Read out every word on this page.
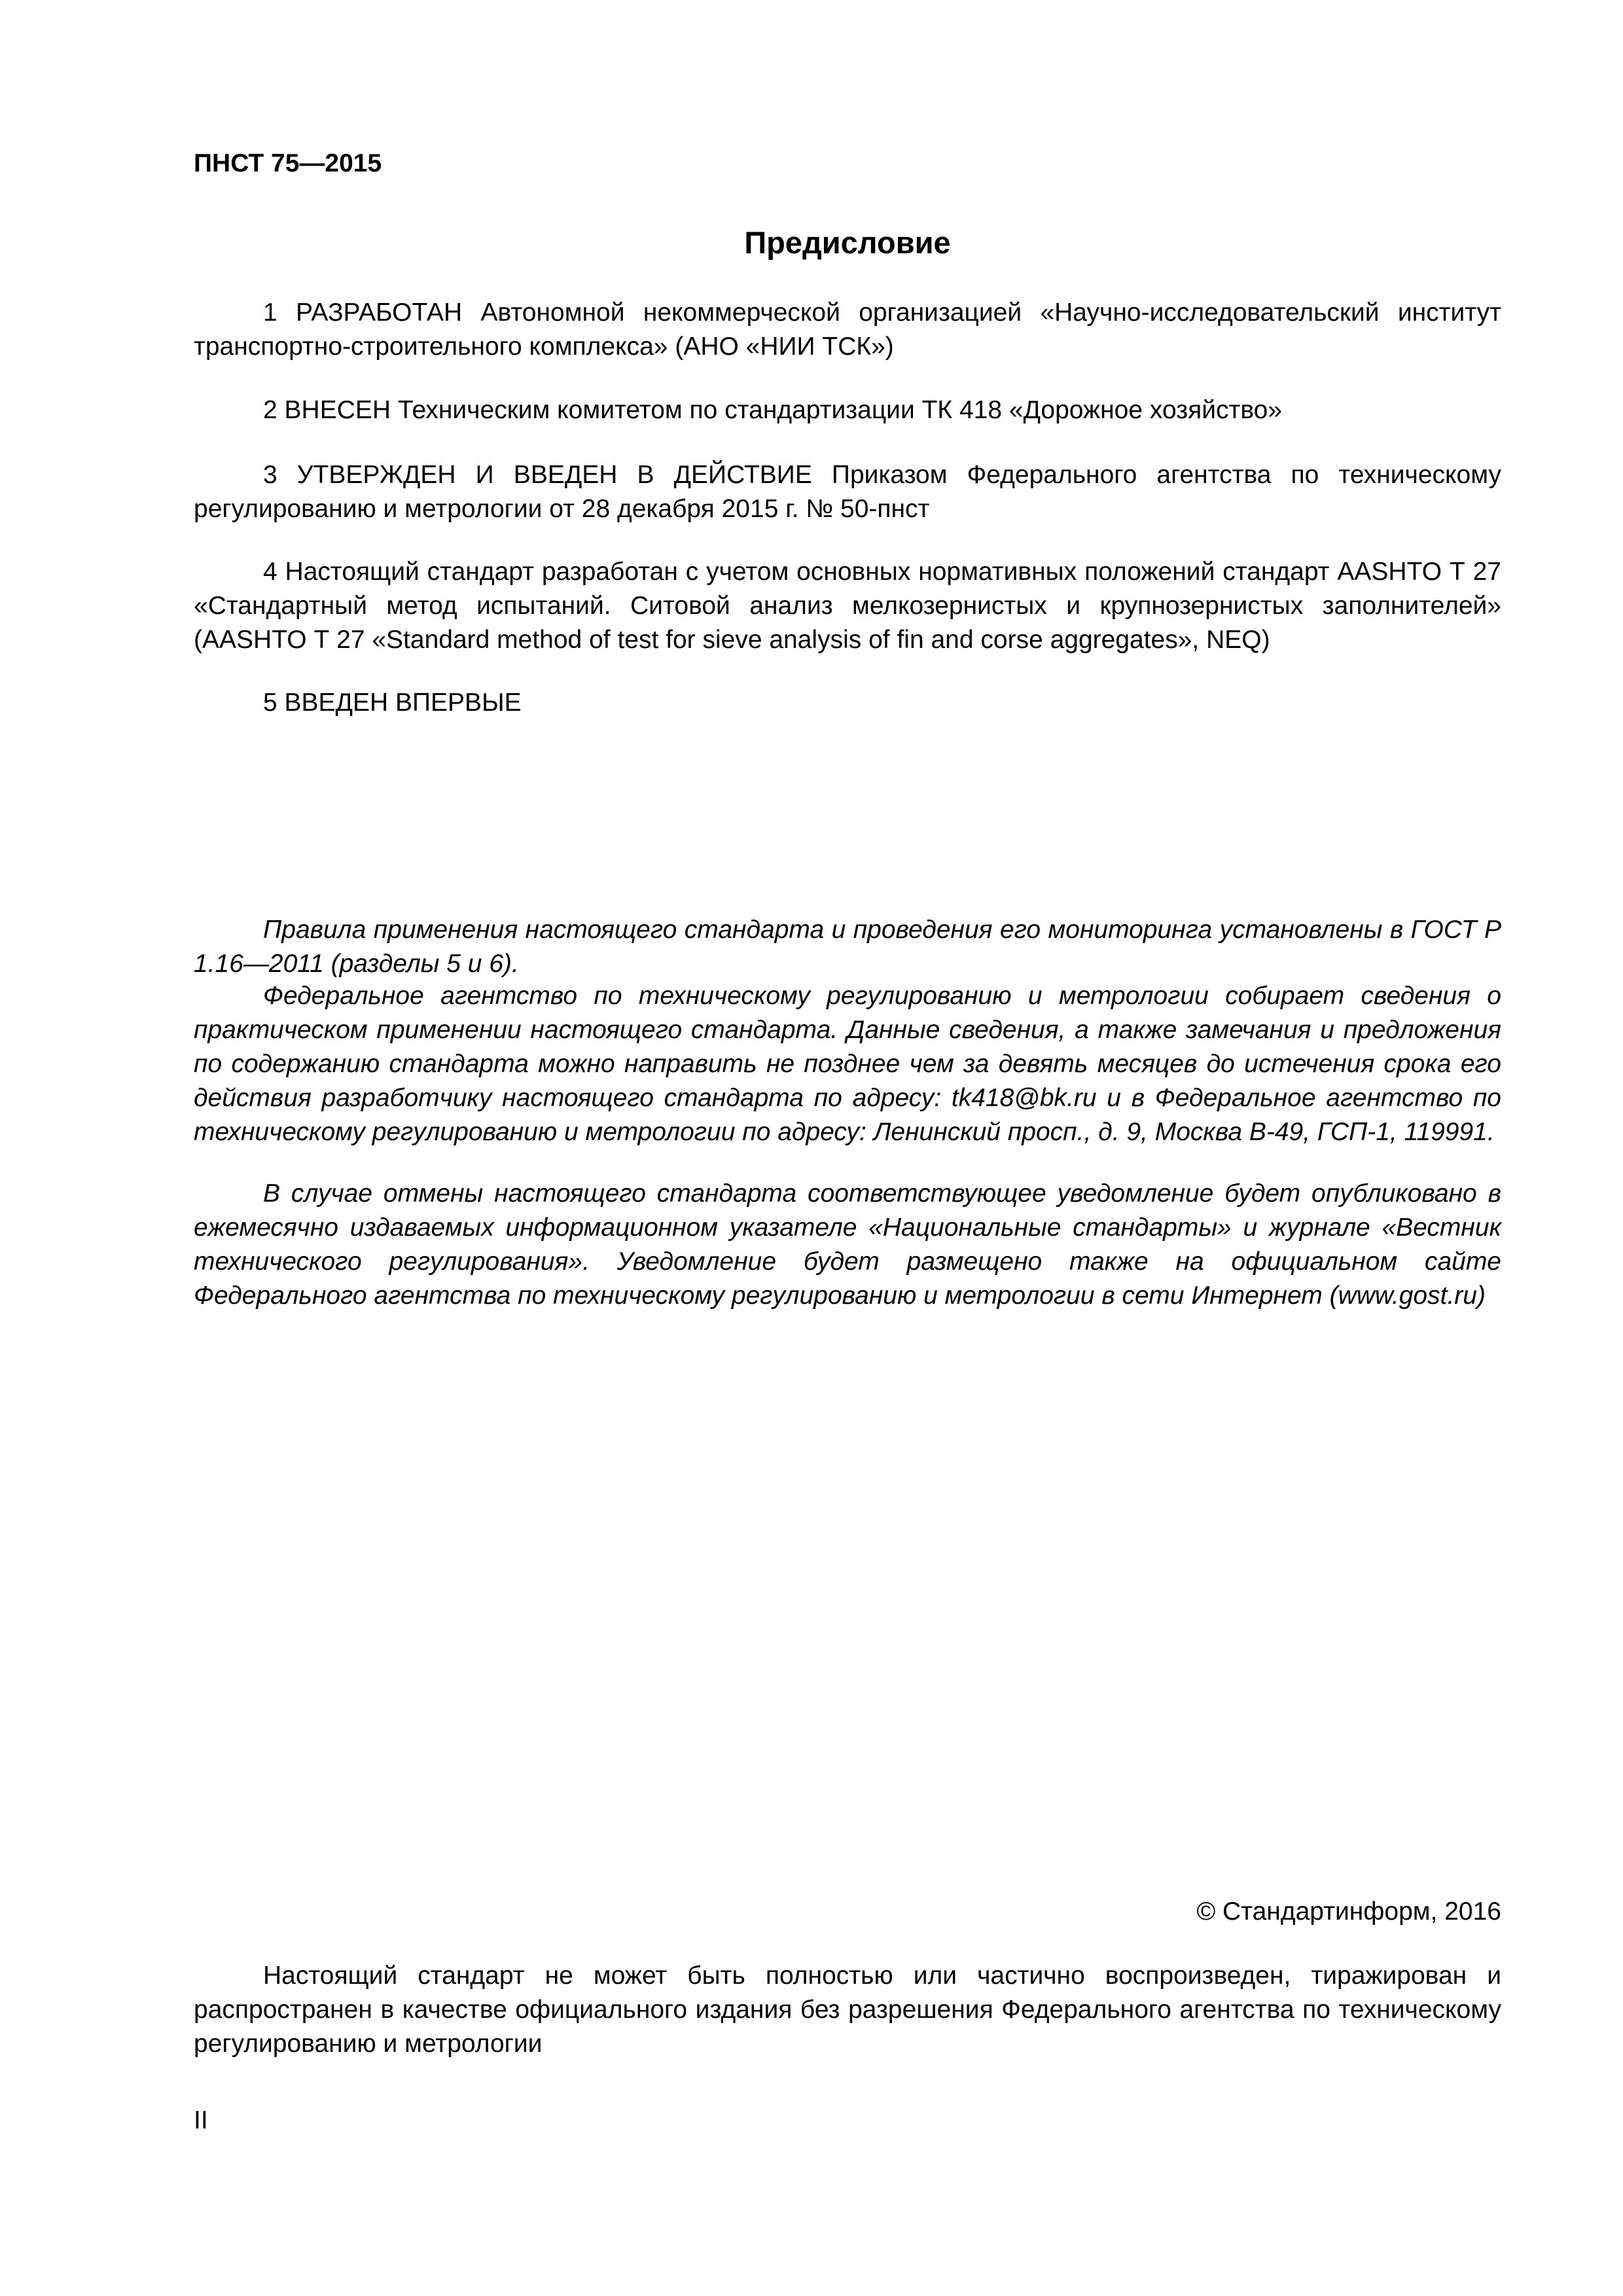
ПНСТ 75—2015

Предисловие

1 РАЗРАБОТАН Автономной некоммерческой организацией «Научно-исследовательский институт транспортно-строительного комплекса» (АНО «НИИ ТСК»)

2 ВНЕСЕН Техническим комитетом по стандартизации ТК 418 «Дорожное хозяйство»

3 УТВЕРЖДЕН И ВВЕДЕН В ДЕЙСТВИЕ Приказом Федерального агентства по техническому регулированию и метрологии от 28 декабря 2015 г. № 50-пнст

4 Настоящий стандарт разработан с учетом основных нормативных положений стандарт AASHTO Т 27 «Стандартный метод испытаний. Ситовой анализ мелкозернистых и крупнозернистых заполнителей» (AASHTO Т 27 «Standard method of test for sieve analysis of fin and corse aggregates», NEQ)

5 ВВЕДЕН ВПЕРВЫЕ

Правила применения настоящего стандарта и проведения его мониторинга установлены в ГОСТ Р 1.16—2011 (разделы 5 и 6).

Федеральное агентство по техническому регулированию и метрологии собирает сведения о практическом применении настоящего стандарта. Данные сведения, а также замечания и предложения по содержанию стандарта можно направить не позднее чем за девять месяцев до истечения срока его действия разработчику настоящего стандарта по адресу: tk418@bk.ru и в Федеральное агентство по техническому регулированию и метрологии по адресу: Ленинский просп., д. 9, Москва В-49, ГСП-1, 119991.

В случае отмены настоящего стандарта соответствующее уведомление будет опубликовано в ежемесячно издаваемых информационном указателе «Национальные стандарты» и журнале «Вестник технического регулирования». Уведомление будет размещено также на официальном сайте Федерального агентства по техническому регулированию и метрологии в сети Интернет (www.gost.ru)

© Стандартинформ, 2016

Настоящий стандарт не может быть полностью или частично воспроизведен, тиражирован и распространен в качестве официального издания без разрешения Федерального агентства по техническому регулированию и метрологии

II
